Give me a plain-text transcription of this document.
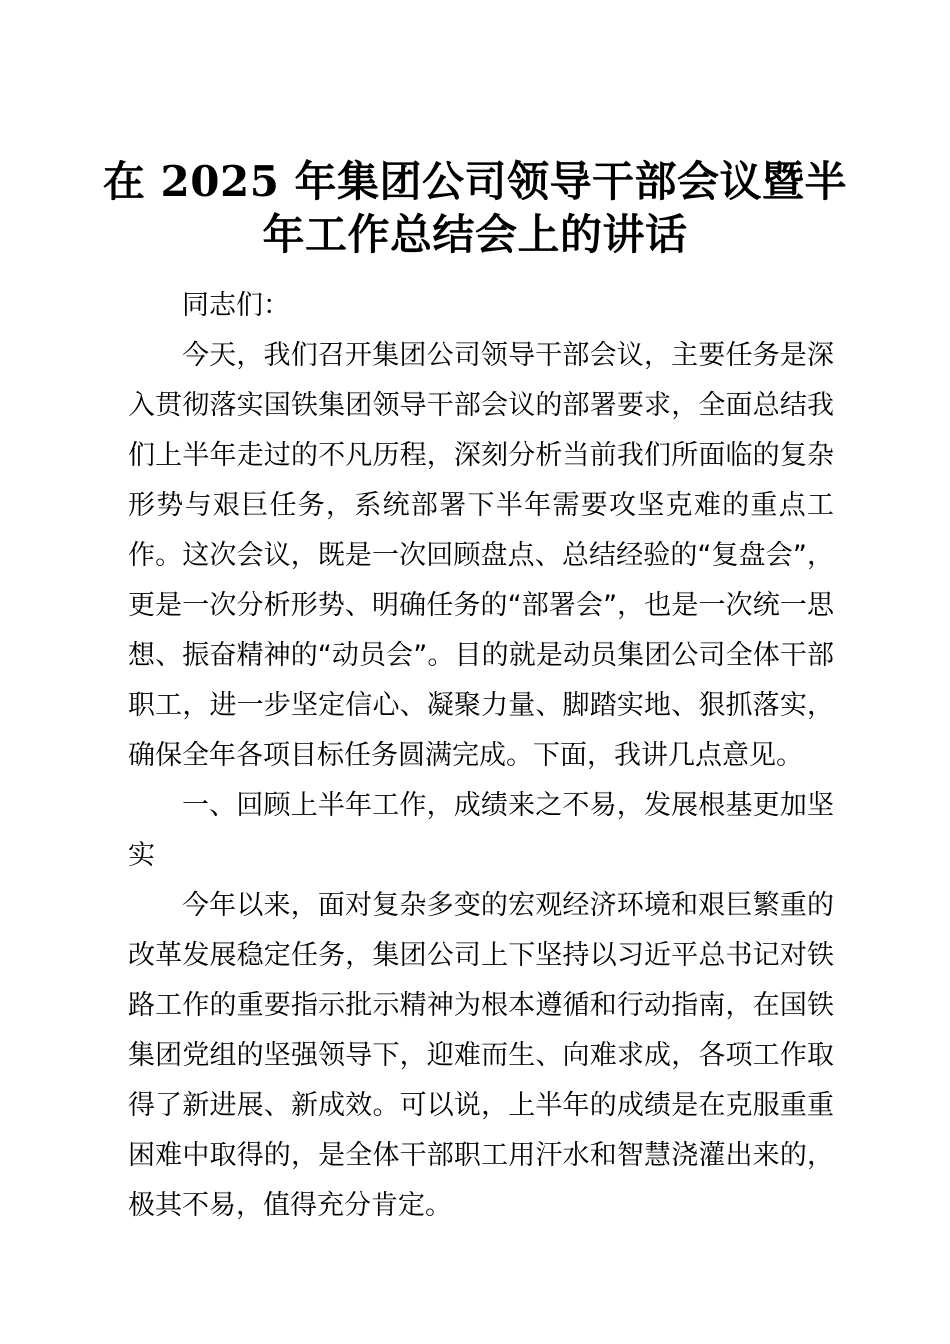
在 2025 年集团公司领导干部会议暨半年工作总结会上的讲话

同志们：

今天，我们召开集团公司领导干部会议，主要任务是深入贯彻落实国铁集团领导干部会议的部署要求，全面总结我们上半年走过的不凡历程，深刻分析当前我们所面临的复杂形势与艰巨任务，系统部署下半年需要攻坚克难的重点工作。这次会议，既是一次回顾盘点、总结经验的“复盘会”，更是一次分析形势、明确任务的“部署会”，也是一次统一思想、振奋精神的“动员会”。目的就是动员集团公司全体干部职工，进一步坚定信心、凝聚力量、脚踏实地、狠抓落实，确保全年各项目标任务圆满完成。下面，我讲几点意见。

一、回顾上半年工作，成绩来之不易，发展根基更加坚实

今年以来，面对复杂多变的宏观经济环境和艰巨繁重的改革发展稳定任务，集团公司上下坚持以习近平总书记对铁路工作的重要指示批示精神为根本遵循和行动指南，在国铁集团党组的坚强领导下，迎难而生、向难求成，各项工作取得了新进展、新成效。可以说，上半年的成绩是在克服重重困难中取得的，是全体干部职工用汗水和智慧浇灌出来的，极其不易，值得充分肯定。
